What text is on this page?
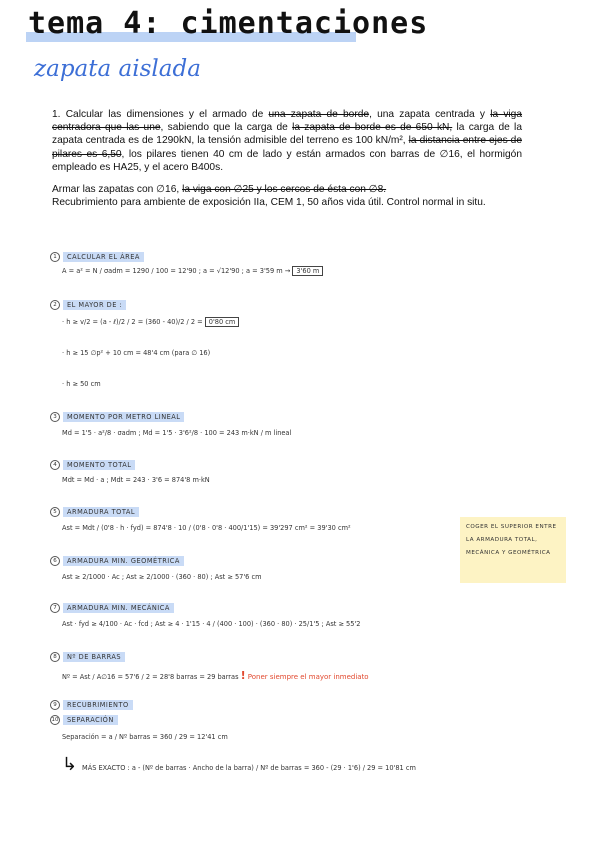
tema 4: cimentaciones
zapata aislada

1. Calcular las dimensiones y el armado de una zapata de borde, una zapata centrada y la viga centradora que las une, sabiendo que la carga de la zapata de borde es de 650 kN, la carga de la zapata centrada es de 1290kN, la tensión admisible del terreno es 100 kN/m², la distancia entre ejes de pilares es 6,50, los pilares tienen 40 cm de lado y están armados con barras de ∅16, el hormigón empleado es HA25, y el acero B400s.

Armar las zapatas con ∅16, la viga con ∅25 y los cercos de ésta con ∅8.

Recubrimiento para ambiente de exposición IIa, CEM 1, 50 años vida útil. Control normal in situ.

1 CALCULAR EL ÁREA
A = a² = N / σadm = 1290 / 100 = 12'90 ; a = √12'90 ; a = 3'59 m → 3'60 m
2 EL MAYOR DE :
· h ≥ v/2 = (a - ℓ)/2 / 2 = (360 - 40)/2 / 2 = 0'80 cm
· h ≥ 15 ∅p² + 10 cm = 48'4 cm (para ∅ 16)
· h ≥ 50 cm
3 MOMENTO POR METRO LINEAL
Md = 1'5 · a²/8 · σadm ; Md = 1'5 · 3'6²/8 · 100 = 243 m·kN / m lineal
4 MOMENTO TOTAL
Mdt = Md · a ; Mdt = 243 · 3'6 = 874'8 m·kN
5 ARMADURA TOTAL
Ast = Mdt / (0'8 · h · fyd) = 874'8 · 10 / (0'8 · 0'8 · 400/1'15) = 39'297 cm² = 39'30 cm²
6 ARMADURA MIN. GEOMÉTRICA
Ast ≥ 2/1000 · Ac ; Ast ≥ 2/1000 · (360 · 80) ; Ast ≥ 57'6 cm
COGER EL SUPERIOR ENTRE LA ARMADURA TOTAL, MECÁNICA Y GEOMÉTRICA
7 ARMADURA MIN. MECÁNICA
Ast · fyd ≥ 4/100 · Ac · fcd ; Ast ≥ 4 · 1'15 · 4 / (400 · 100) · (360 · 80) · 25/1'5 ; Ast ≥ 55'2
8 Nº DE BARRAS
Nº = Ast / A∅16 = 57'6 / 2 = 28'8 barras = 29 barras ! Poner siempre el mayor inmediato
9 RECUBRIMIENTO
10 SEPARACIÓN
Separación = a / Nº barras = 360 / 29 = 12'41 cm
↳ MÁS EXACTO : a - (Nº de barras · Ancho de la barra) / Nº de barras = 360 - (29 · 1'6) / 29 = 10'81 cm
